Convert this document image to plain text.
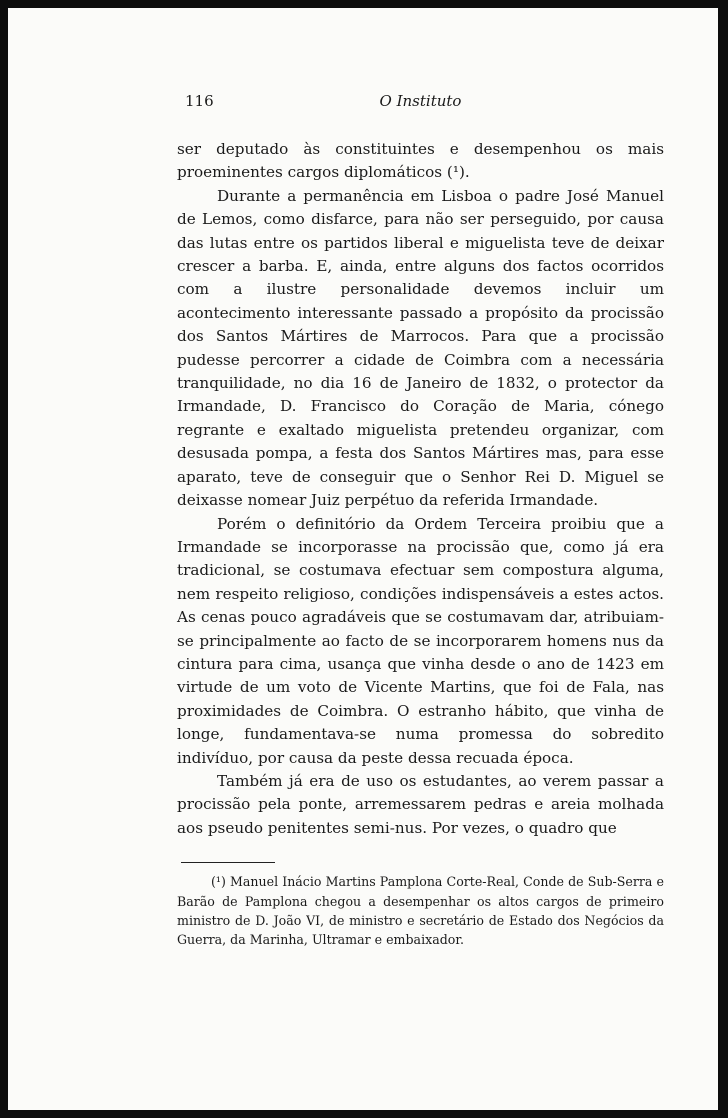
116	O Instituto

ser deputado às constituintes e desempenhou os mais proeminentes cargos diplomáticos (¹).

Durante a permanência em Lisboa o padre José Manuel de Lemos, como disfarce, para não ser perseguido, por causa das lutas entre os partidos liberal e miguelista teve de deixar crescer a barba. E, ainda, entre alguns dos factos ocorridos com a ilustre personalidade devemos incluir um acontecimento interessante passado a propósito da procissão dos Santos Mártires de Marrocos. Para que a procissão pudesse percorrer a cidade de Coimbra com a necessária tranquilidade, no dia 16 de Janeiro de 1832, o protector da Irmandade, D. Francisco do Coração de Maria, cónego regrante e exaltado miguelista pretendeu organizar, com desusada pompa, a festa dos Santos Mártires mas, para esse aparato, teve de conseguir que o Senhor Rei D. Miguel se deixasse nomear Juiz perpétuo da referida Irmandade.

Porém o definitório da Ordem Terceira proibiu que a Irmandade se incorporasse na procissão que, como já era tradicional, se costumava efectuar sem compostura alguma, nem respeito religioso, condições indispensáveis a estes actos. As cenas pouco agradáveis que se costumavam dar, atribuiam-se principalmente ao facto de se incorporarem homens nus da cintura para cima, usança que vinha desde o ano de 1423 em virtude de um voto de Vicente Martins, que foi de Fala, nas proximidades de Coimbra. O estranho hábito, que vinha de longe, fundamentava-se numa promessa do sobredito indivíduo, por causa da peste dessa recuada época.

Também já era de uso os estudantes, ao verem passar a procissão pela ponte, arremessarem pedras e areia molhada aos pseudo penitentes semi-nus. Por vezes, o quadro que

(¹) Manuel Inácio Martins Pamplona Corte-Real, Conde de Sub-Serra e Barão de Pamplona chegou a desempenhar os altos cargos de primeiro ministro de D. João VI, de ministro e secretário de Estado dos Negócios da Guerra, da Marinha, Ultramar e embaixador.
